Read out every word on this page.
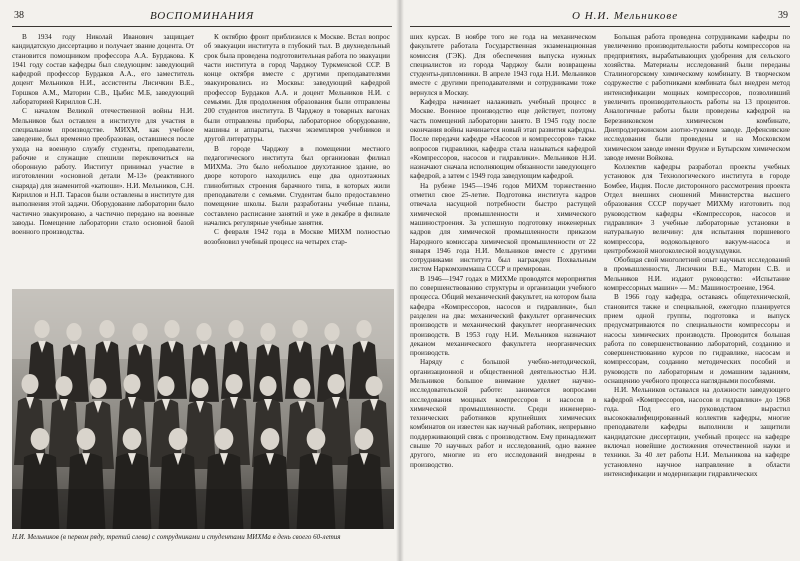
38	ВОСПОМИНАНИЯ

В 1934 году Николай Иванович защищает кандидатскую диссертацию и получает звание доцента. От становится помощником профессора А.А. Бурдакова. К 1941 году состав кафедры был следующим: заведующий кафедрой профессор Бурдаков А.А., его заместитель доцент Мельников Н.И., ассистенты Лисичкин В.Е., Горшков А.М., Маторин С.В., Цыбис М.Б, заведующий лабораторией Кириллов С.Н.

С началом Великой отечественной войны Н.И. Мельников был оставлен в институте для участия в специальном производстве. МИХМ, как учебное заведение, был временно преобразован, оставшиеся после ухода на военную службу студенты, преподаватели, рабочие и служащие спешили переключиться на оборонную работу. Институт принимал участие в изготовлении «основной детали М-13» (реактивного снаряда) для знаменитой «катюши». Н.И. Мельников, С.Н. Кириллов и Н.П. Тарасов были оставлены в институте для выполнения этой задачи. Оборудование лаборатории было частично эвакуировано, а частично передано на военные заводы. Помещение лаборатории стало основной базой военного производства.

К октябрю фронт приблизился к Москве. Встал вопрос об эвакуации института в глубокий тыл. В двухнедельный срок была проведена подготовительная работа по эвакуации части института в город Чарджоу Туркменской ССР. В конце октября вместе с другими преподавателями эвакуировались из Москвы: заведующий кафедрой профессор Бурдаков А.А. и доцент Мельников Н.И. с семьями. Для продолжения образования были отправлены 200 студентов института. В Чарджоу в товарных вагонах были отправлены приборы, лабораторное оборудование, машины и аппараты, тысячи экземпляров учебников и другой литературы.

В городе Чарджоу в помещении местного педагогического института был организован филиал МИХМа. Это было небольшое двухэтажное здание, во дворе которого находились еще два одноэтажных глинобитных строения барачного типа, в которых жили преподаватели с семьями. Студентам было предоставлено помещение школы. Были разработаны учебные планы, составлено расписание занятий и уже в декабре в филиале начались регулярные учебные занятия.

С февраля 1942 года в Москве МИХМ полностью возобновил учебный процесс на четырех стар-

Н.И. Мельников (в первом ряду, третий слева) с сотрудниками и студентами МИХМа в день своего 60-летия
39
О Н.И. Мельникове

ших курсах. В ноябре того же года на механическом факультете работала Государственная экзаменационная комиссия (ГЭК). Для обеспечения выпуска нужных специалистов из города Чарджоу были возвращены студенты-дипломники. В апреле 1943 года Н.И. Мельников вместе с другими преподавателями и сотрудниками тоже вернулся в Москву.

Кафедра начинает налаживать учебный процесс в Москве. Военное производство еще действует, поэтому часть помещений лаборатории занято. В 1945 году после окончания войны начинается новый этап развития кафедры. После передачи кафедре «Насосов и компрессоров» также вопросов гидравлики, кафедра стала называться кафедрой «Компрессоров, насосов и гидравлики». Мельников Н.И. назначают сначала исполняющим обязанности заведующего кафедрой, а затем с 1949 года заведующим кафедрой.

На рубеже 1945—1946 годов МИХМ торжественно отметил свое 25-летие. Подготовка института кадров отвечала насущной потребности быстро растущей химической промышленности и химического машиностроения. За успешную подготовку инженерных кадров для химической промышленности приказом Народного комиссара химической промышленности от 22 января 1946 года Н.И. Мельников вместе с другими сотрудниками института был награжден Похвальным листом Наркомхиммаша СССР и премирован.

В 1946—1947 годах в МИХМе проводятся мероприятия по совершенствованию структуры и организации учебного процесса. Общий механический факультет, на котором была кафедра «Компрессоров, насосов и гидравлики», был разделен на два: механический факультет органических производств и механический факультет неорганических производств. В 1953 году Н.И. Мельников назначают деканом механического факультета неорганических производств.

Наряду с большой учебно-методической, организационной и общественной деятельностью Н.И. Мельников большое внимание уделяет научно-исследовательской работе: занимается вопросами исследования мощных компрессоров и насосов в химической промышленности. Среди инженерно-технических работников крупнейших химических комбинатов он известен как научный работник, непрерывно поддерживающий связь с производством. Ему принадлежит свыше 70 научных работ и исследований, одно важнее другого, многие из его исследований внедрены в производство.

Большая работа проведена сотрудниками кафедры по увеличению производительности работы компрессоров на предприятиях, вырабатывающих удобрения для сельского хозяйства. Материалы исследований были переданы Сталиногорскому химическому комбинату. В творческом содружестве с работниками комбината был внедрен метод интенсификации мощных компрессоров, позволивший увеличить производительность работы на 13 процентов. Аналогичные работы были проведены кафедрой на Березниковском химическом комбинате, Днепродзержинском азотно-туковом заводе. Дефенсивские исследования были проведены и на Московском химическом заводе имени Фрунзе и Бутырском химическом заводе имени Войкова.

Коллектив кафедры разработал проекты учебных установок для Технологического института в городе Бомбее, Индия. После дисторонного рассмотрения проекта Отдел внешних сношений Министерства высшего образования СССР поручает МИХМу изготовить под руководством кафедры «Компрессоров, насосов и гидравлики» 3 учебные лабораторные установки в натуральную величину: для испытания поршневого компрессора, водокольцевого вакуум-насоса и центробежной многоколесной воздуходувки.

Обобщая свой многолетний опыт научных исследований в промышленности, Лисичкин В.Е., Маторин С.В. и Мельников Н.И. издают руководство: «Испытание компрессорных машин» — М.: Машиностроение, 1964.

В 1966 году кафедра, оставаясь общетехнической, становится также и специальной, ежегодно планируется прием одной группы, подготовка и выпуск предусматриваются по специальности компрессоры и насосы химических производств. Проводится большая работа по совершенствованию лабораторий, созданию и совершенствованию курсов по гидравлике, насосам и компрессорам, созданию методических пособий и руководств по лабораторным и домашним заданиям, оснащению учебного процесса наглядными пособиями.

Н.И. Мельников оставался на должности заведующего кафедрой «Компрессоров, насосов и гидравлики» до 1968 года. Под его руководством вырастил высококвалифицированный коллектив кафедры, многие преподаватели кафедры выполнили и защитили кандидатские диссертации, учебный процесс на кафедре включал новейшие достижения отечественной науки и техники. За 40 лет работы Н.И. Мельникова на кафедре установлено научное направление в области интенсификации и модернизации гидравлических
